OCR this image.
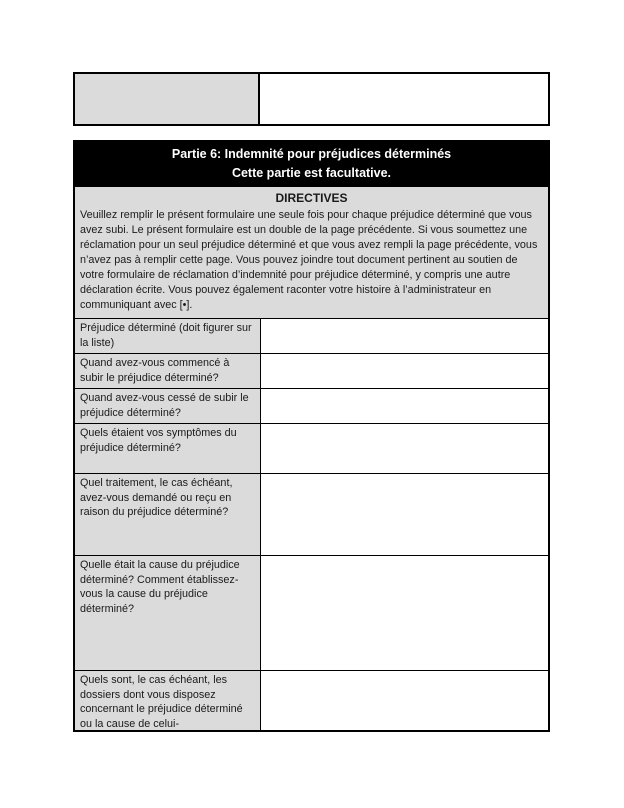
Partie 6: Indemnité pour préjudices déterminés
Cette partie est facultative.
DIRECTIVES
Veuillez remplir le présent formulaire une seule fois pour chaque préjudice déterminé que vous avez subi. Le présent formulaire est un double de la page précédente. Si vous soumettez une réclamation pour un seul préjudice déterminé et que vous avez rempli la page précédente, vous n’avez pas à remplir cette page. Vous pouvez joindre tout document pertinent au soutien de votre formulaire de réclamation d’indemnité pour préjudice déterminé, y compris une autre déclaration écrite. Vous pouvez également raconter votre histoire à l’administrateur en communiquant avec [•].
Préjudice déterminé (doit figurer sur la liste)
Quand avez-vous commencé à subir le préjudice déterminé?
Quand avez-vous cessé de subir le préjudice déterminé?
Quels étaient vos symptômes du préjudice déterminé?
Quel traitement, le cas échéant, avez-vous demandé ou reçu en raison du préjudice déterminé?
Quelle était la cause du préjudice déterminé? Comment établissez-vous la cause du préjudice déterminé?
Quels sont, le cas échéant, les dossiers dont vous disposez concernant le préjudice déterminé ou la cause de celui-
